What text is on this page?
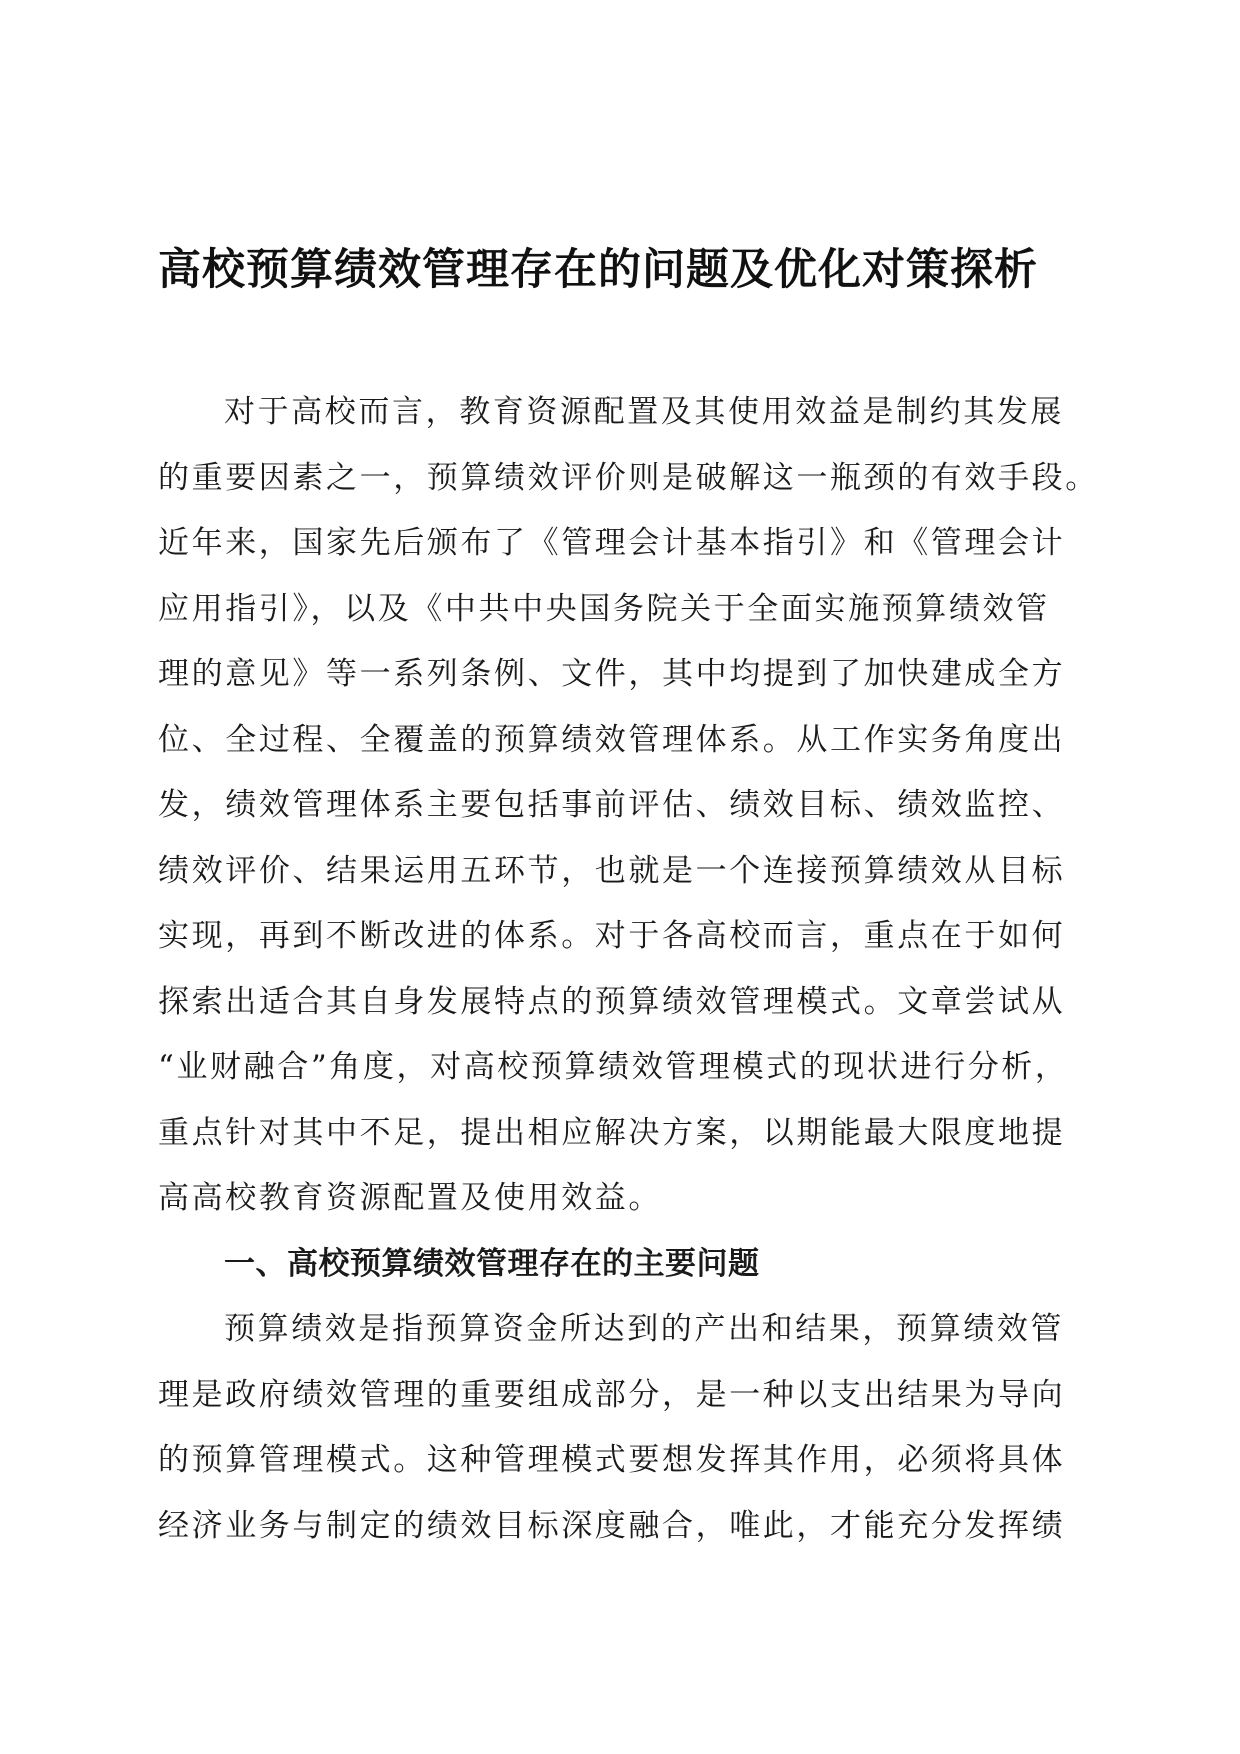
高校预算绩效管理存在的问题及优化对策探析
对于高校而言，教育资源配置及其使用效益是制约其发展
的重要因素之一，预算绩效评价则是破解这一瓶颈的有效手段。
近年来，国家先后颁布了《管理会计基本指引》和《管理会计
应用指引》，以及《中共中央国务院关于全面实施预算绩效管
理的意见》等一系列条例、文件，其中均提到了加快建成全方
位、全过程、全覆盖的预算绩效管理体系。从工作实务角度出
发，绩效管理体系主要包括事前评估、绩效目标、绩效监控、
绩效评价、结果运用五环节，也就是一个连接预算绩效从目标
实现，再到不断改进的体系。对于各高校而言，重点在于如何
探索出适合其自身发展特点的预算绩效管理模式。文章尝试从
“业财融合”角度，对高校预算绩效管理模式的现状进行分析，
重点针对其中不足，提出相应解决方案，以期能最大限度地提
高高校教育资源配置及使用效益。
一、高校预算绩效管理存在的主要问题
预算绩效是指预算资金所达到的产出和结果，预算绩效管
理是政府绩效管理的重要组成部分，是一种以支出结果为导向
的预算管理模式。这种管理模式要想发挥其作用，必须将具体
经济业务与制定的绩效目标深度融合，唯此，才能充分发挥绩
